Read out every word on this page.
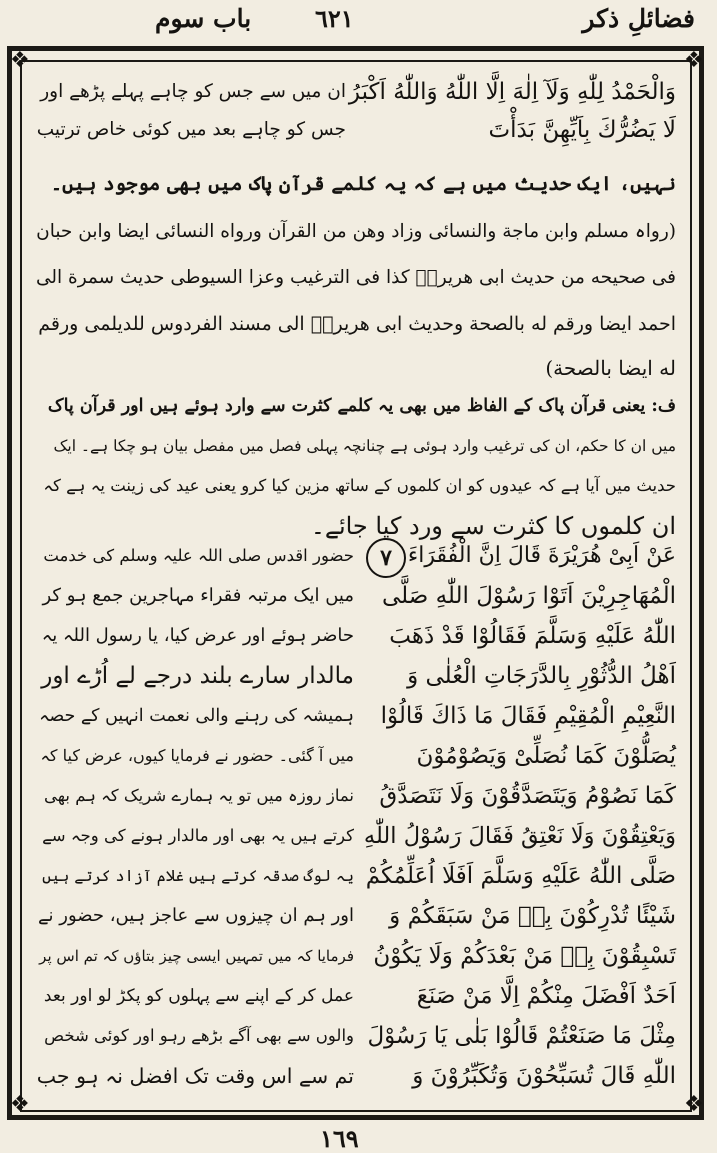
فضائلِ ذکر
٦٢١
باب سوم
❖	❖
❖	❖
وَالْحَمْدُ لِلّٰهِ وَلَآ اِلٰهَ اِلَّا اللّٰهُ وَاللّٰهُ اَكْبَرُ
لَا يَضُرُّكَ بِاَيِّهِنَّ بَدَأْتَ
ان میں سے جس کو چاہے پہلے پڑھے اور
جس کو چاہے بعد میں کوئی خاص ترتیب
نہیں، ایک حدیث میں ہے کہ یہ کلمے قرآن پاک میں بھی موجود ہیں۔
(رواہ مسلم وابن ماجة والنسائی وزاد وهن من القرآن ورواه النسائی ایضا وابن حبان
فی صحیحه من حدیث ابی هریرةؓ کذا فی الترغیب وعزا السیوطی حدیث سمرة الی
احمد ایضا ورقم له بالصحة وحدیث ابی هریرةؓ الی مسند الفردوس للدیلمی ورقم
له ایضا بالصحة)
ف: یعنی قرآن پاک کے الفاظ میں بھی یہ کلمے کثرت سے وارد ہوئے ہیں اور قرآن پاک
میں ان کا حکم، ان کی ترغیب وارد ہوئی ہے چنانچہ پہلی فصل میں مفصل بیان ہو چکا ہے۔ ایک
حدیث میں آیا ہے کہ عیدوں کو ان کلموں کے ساتھ مزین کیا کرو یعنی عید کی زینت یہ ہے کہ
ان کلموں کا کثرت سے ورد کیا جائے۔
٧ عَنْ اَبِیْ هُرَیْرَةَ قَالَ اِنَّ الْفُقَرَاءَ
الْمُهَاجِرِیْنَ اَتَوْا رَسُوْلَ اللّٰهِ صَلَّی
اللّٰهُ عَلَیْهِ وَسَلَّمَ فَقَالُوْا قَدْ ذَهَبَ
اَهْلُ الدُّثُوْرِ بِالدَّرَجَاتِ الْعُلٰی وَ
النَّعِیْمِ الْمُقِیْمِ فَقَالَ مَا ذَاكَ قَالُوْا
یُصَلُّوْنَ كَمَا نُصَلِّیْ وَیَصُوْمُوْنَ
كَمَا نَصُوْمُ وَیَتَصَدَّقُوْنَ وَلَا نَتَصَدَّقُ
وَیَعْتِقُوْنَ وَلَا نَعْتِقُ فَقَالَ رَسُوْلُ اللّٰهِ
صَلَّی اللّٰهُ عَلَیْهِ وَسَلَّمَ اَفَلَا اُعَلِّمُكُمْ
شَیْئًا تُدْرِكُوْنَ بِهٖ مَنْ سَبَقَكُمْ وَ
تَسْبِقُوْنَ بِهٖ مَنْ بَعْدَكُمْ وَلَا یَكُوْنُ
اَحَدٌ اَفْضَلَ مِنْكُمْ اِلَّا مَنْ صَنَعَ
مِثْلَ مَا صَنَعْتُمْ قَالُوْا بَلٰی یَا رَسُوْلَ
اللّٰهِ قَالَ تُسَبِّحُوْنَ وَتُكَبِّرُوْنَ وَ
حضور اقدس صلی اللہ علیہ وسلم کی خدمت
میں ایک مرتبہ فقراء مہاجرین جمع ہو کر
حاضر ہوئے اور عرض کیا، یا رسول اللہ یہ
مالدار سارے بلند درجے لے اُڑے اور
ہمیشہ کی رہنے والی نعمت انہیں کے حصہ
میں آ گئی۔ حضور نے فرمایا کیوں، عرض کیا کہ
نماز روزہ میں تو یہ ہمارے شریک کہ ہم بھی
کرتے ہیں یہ بھی اور مالدار ہونے کی وجہ سے
یہ لوگ صدقہ کرتے ہیں غلام آزاد کرتے ہیں
اور ہم ان چیزوں سے عاجز ہیں، حضور نے
فرمایا کہ میں تمہیں ایسی چیز بتاؤں کہ تم اس پر
عمل کر کے اپنے سے پہلوں کو پکڑ لو اور بعد
والوں سے بھی آگے بڑھے رہو اور کوئی شخص
تم سے اس وقت تک افضل نہ ہو جب
١٦٩
